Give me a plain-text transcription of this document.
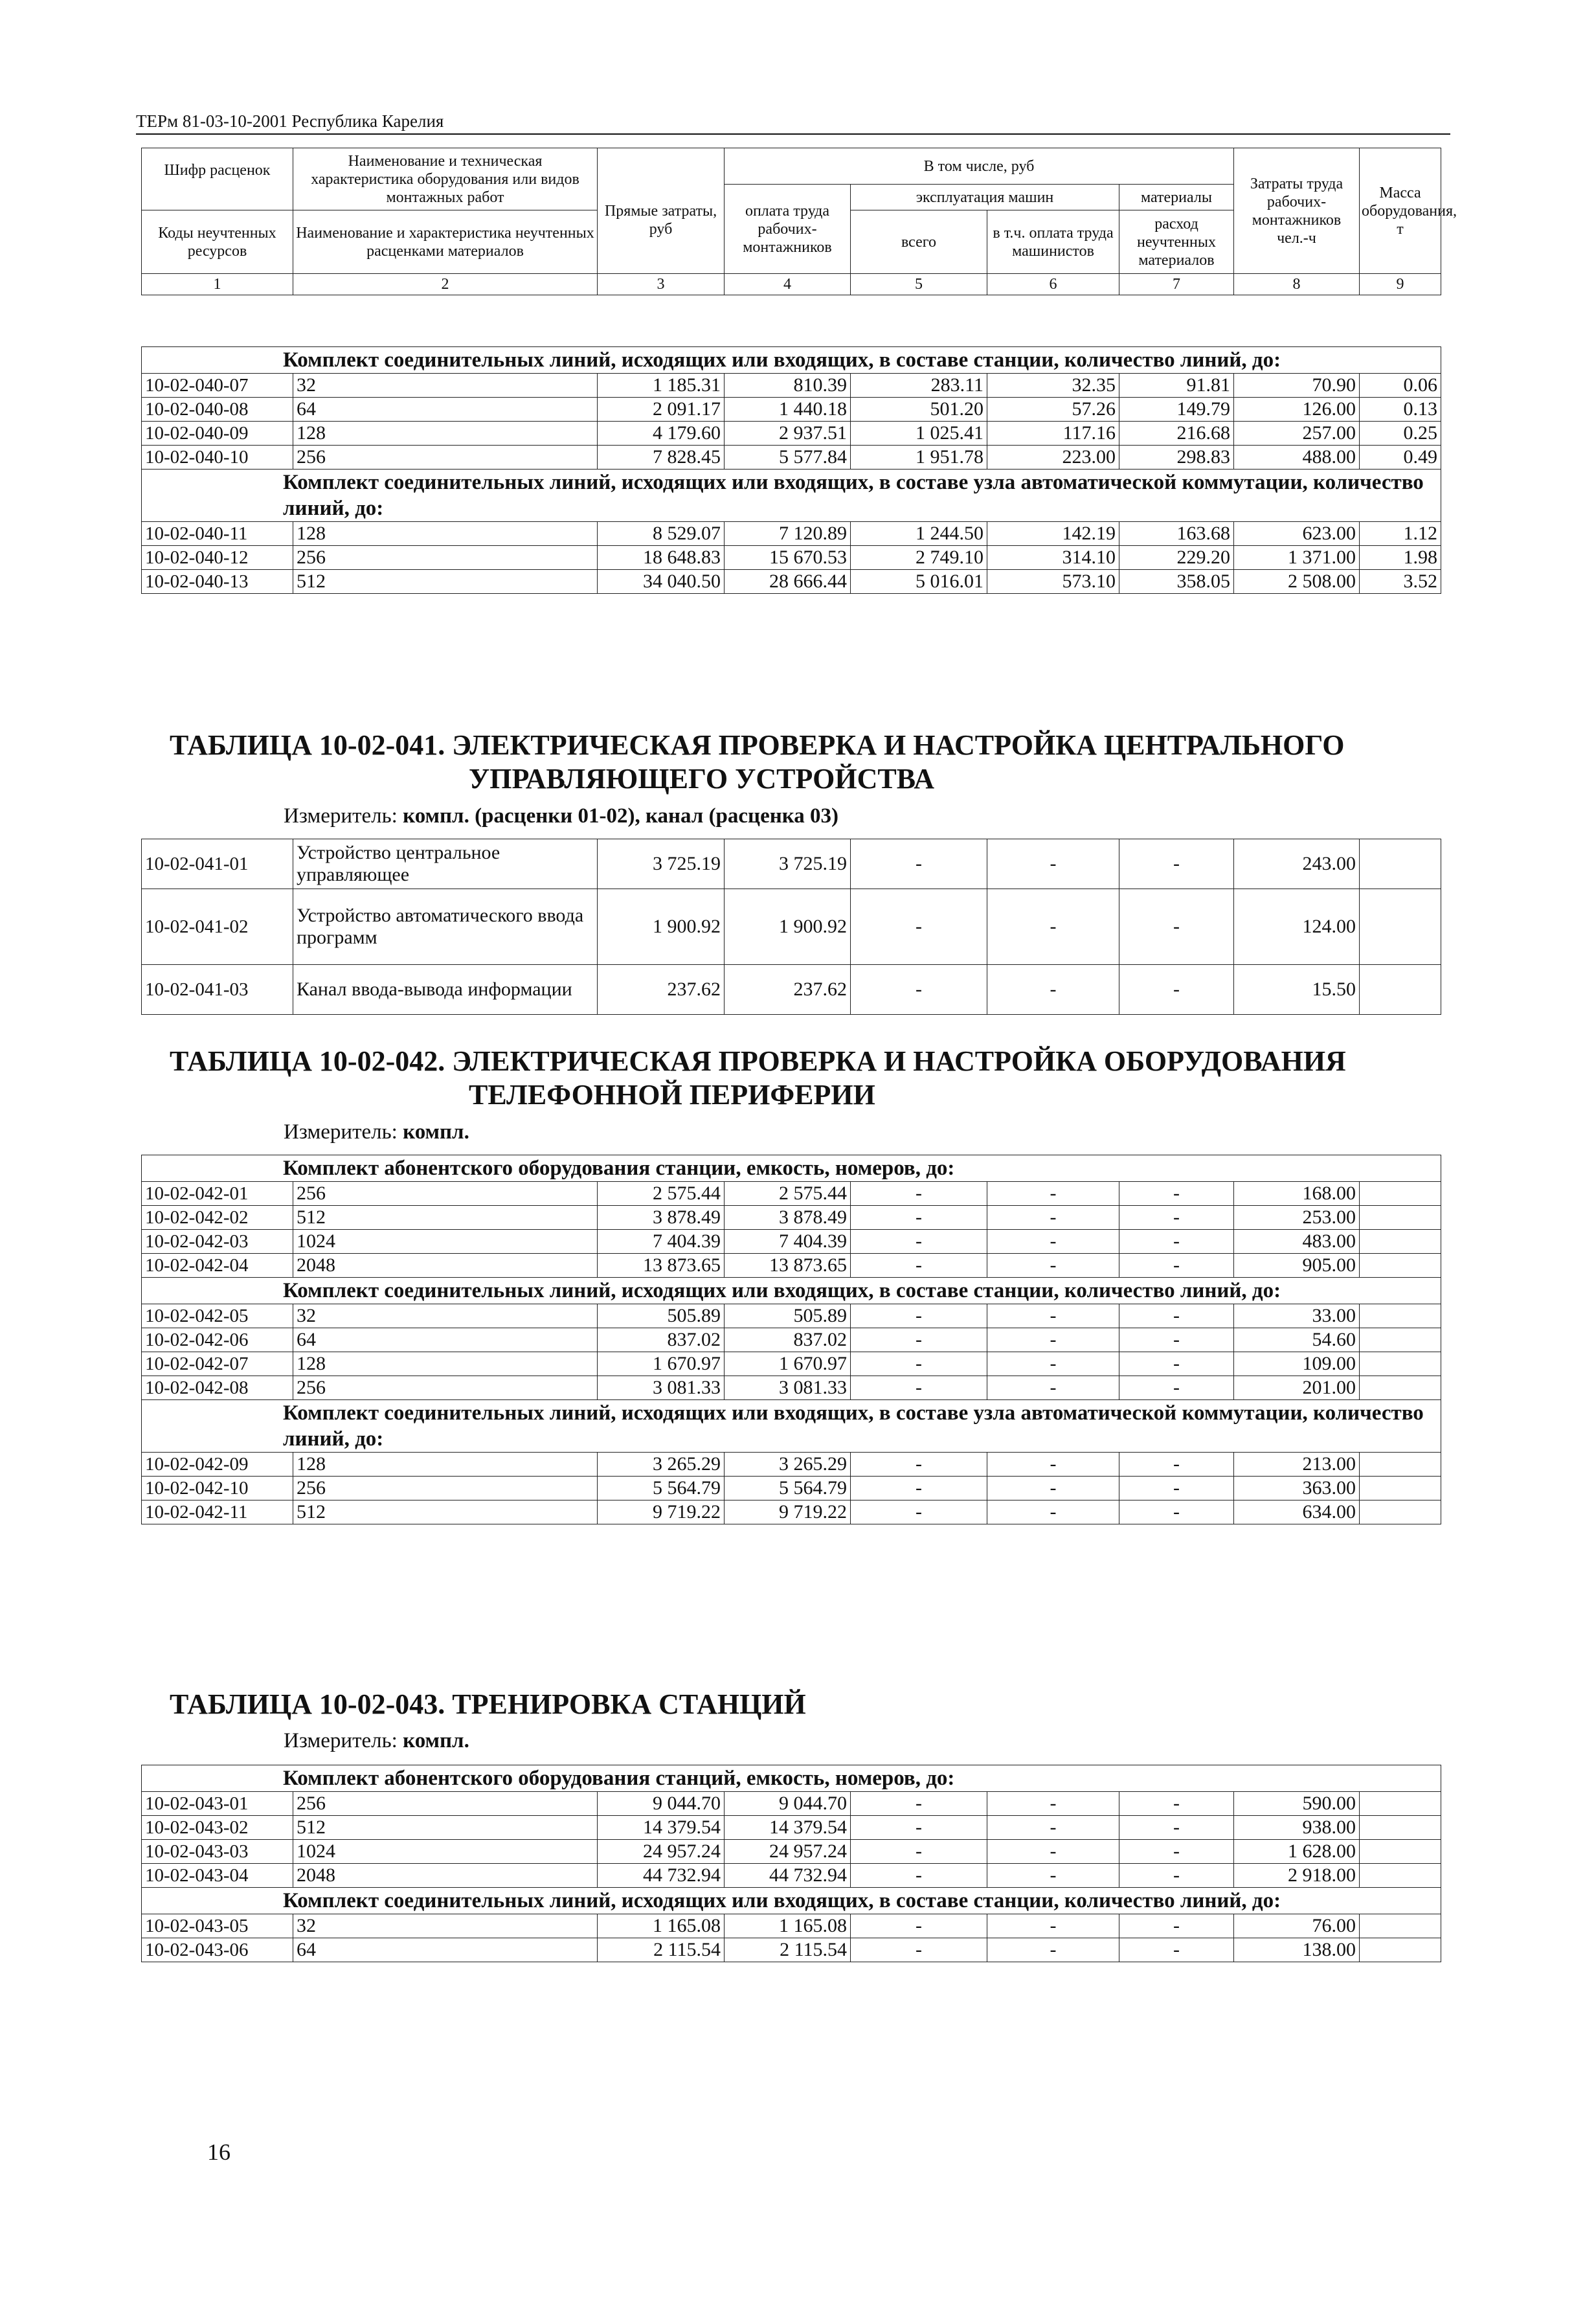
ТЕРм 81-03-10-2001 Республика Карелия
Шифр расценок	Наименование и техническая характеристика оборудования или видов монтажных работ	Прямые затраты, руб	В том числе, руб				Затраты труда рабочих-монтажников чел.-ч	Масса оборудования, т
			оплата труда рабочих-монтажников	эксплуатация машин		материалы		
Коды неучтенных ресурсов	Наименование и характеристика неучтенных расценками материалов			всего	в т.ч. оплата труда машинистов	расход неучтенных материалов		

1	2	3	4	5	6	7	8	9
Комплект соединительных линий, исходящих или входящих, в составе станции, количество линий, до:								
10-02-040-07	32	1 185.31	810.39	283.11	32.35	91.81	70.90	0.06
10-02-040-08	64	2 091.17	1 440.18	501.20	57.26	149.79	126.00	0.13
10-02-040-09	128	4 179.60	2 937.51	1 025.41	117.16	216.68	257.00	0.25
10-02-040-10	256	7 828.45	5 577.84	1 951.78	223.00	298.83	488.00	0.49
Комплект соединительных линий, исходящих или входящих, в составе узла автоматической коммутации, количество линий, до:								
10-02-040-11	128	8 529.07	7 120.89	1 244.50	142.19	163.68	623.00	1.12
10-02-040-12	256	18 648.83	15 670.53	2 749.10	314.10	229.20	1 371.00	1.98
10-02-040-13	512	34 040.50	28 666.44	5 016.01	573.10	358.05	2 508.00	3.52
ТАБЛИЦА 10-02-041. ЭЛЕКТРИЧЕСКАЯ ПРОВЕРКА И НАСТРОЙКА ЦЕНТРАЛЬНОГО
УПРАВЛЯЮЩЕГО УСТРОЙСТВА
Измеритель: компл. (расценки 01-02), канал (расценка 03)
10-02-041-01	Устройство центральное управляющее	3 725.19	3 725.19	-	-	-	243.00	
10-02-041-02	Устройство автоматического ввода программ	1 900.92	1 900.92	-	-	-	124.00	
10-02-041-03	Канал ввода-вывода информации	237.62	237.62	-	-	-	15.50	
ТАБЛИЦА 10-02-042. ЭЛЕКТРИЧЕСКАЯ ПРОВЕРКА И НАСТРОЙКА ОБОРУДОВАНИЯ
ТЕЛЕФОННОЙ ПЕРИФЕРИИ
Измеритель: компл.
Комплект абонентского оборудования станции, емкость, номеров, до:								
10-02-042-01	256	2 575.44	2 575.44	-	-	-	168.00	
10-02-042-02	512	3 878.49	3 878.49	-	-	-	253.00	
10-02-042-03	1024	7 404.39	7 404.39	-	-	-	483.00	
10-02-042-04	2048	13 873.65	13 873.65	-	-	-	905.00	
Комплект соединительных линий, исходящих или входящих, в составе станции, количество линий, до:								
10-02-042-05	32	505.89	505.89	-	-	-	33.00	
10-02-042-06	64	837.02	837.02	-	-	-	54.60	
10-02-042-07	128	1 670.97	1 670.97	-	-	-	109.00	
10-02-042-08	256	3 081.33	3 081.33	-	-	-	201.00	
Комплект соединительных линий, исходящих или входящих, в составе узла автоматической коммутации, количество линий, до:								
10-02-042-09	128	3 265.29	3 265.29	-	-	-	213.00	
10-02-042-10	256	5 564.79	5 564.79	-	-	-	363.00	
10-02-042-11	512	9 719.22	9 719.22	-	-	-	634.00	
ТАБЛИЦА 10-02-043. ТРЕНИРОВКА СТАНЦИЙ
Измеритель: компл.
Комплект абонентского оборудования станций, емкость, номеров, до:								
10-02-043-01	256	9 044.70	9 044.70	-	-	-	590.00	
10-02-043-02	512	14 379.54	14 379.54	-	-	-	938.00	
10-02-043-03	1024	24 957.24	24 957.24	-	-	-	1 628.00	
10-02-043-04	2048	44 732.94	44 732.94	-	-	-	2 918.00	
Комплект соединительных линий, исходящих или входящих, в составе станции, количество линий, до:								
10-02-043-05	32	1 165.08	1 165.08	-	-	-	76.00	
10-02-043-06	64	2 115.54	2 115.54	-	-	-	138.00	
16
